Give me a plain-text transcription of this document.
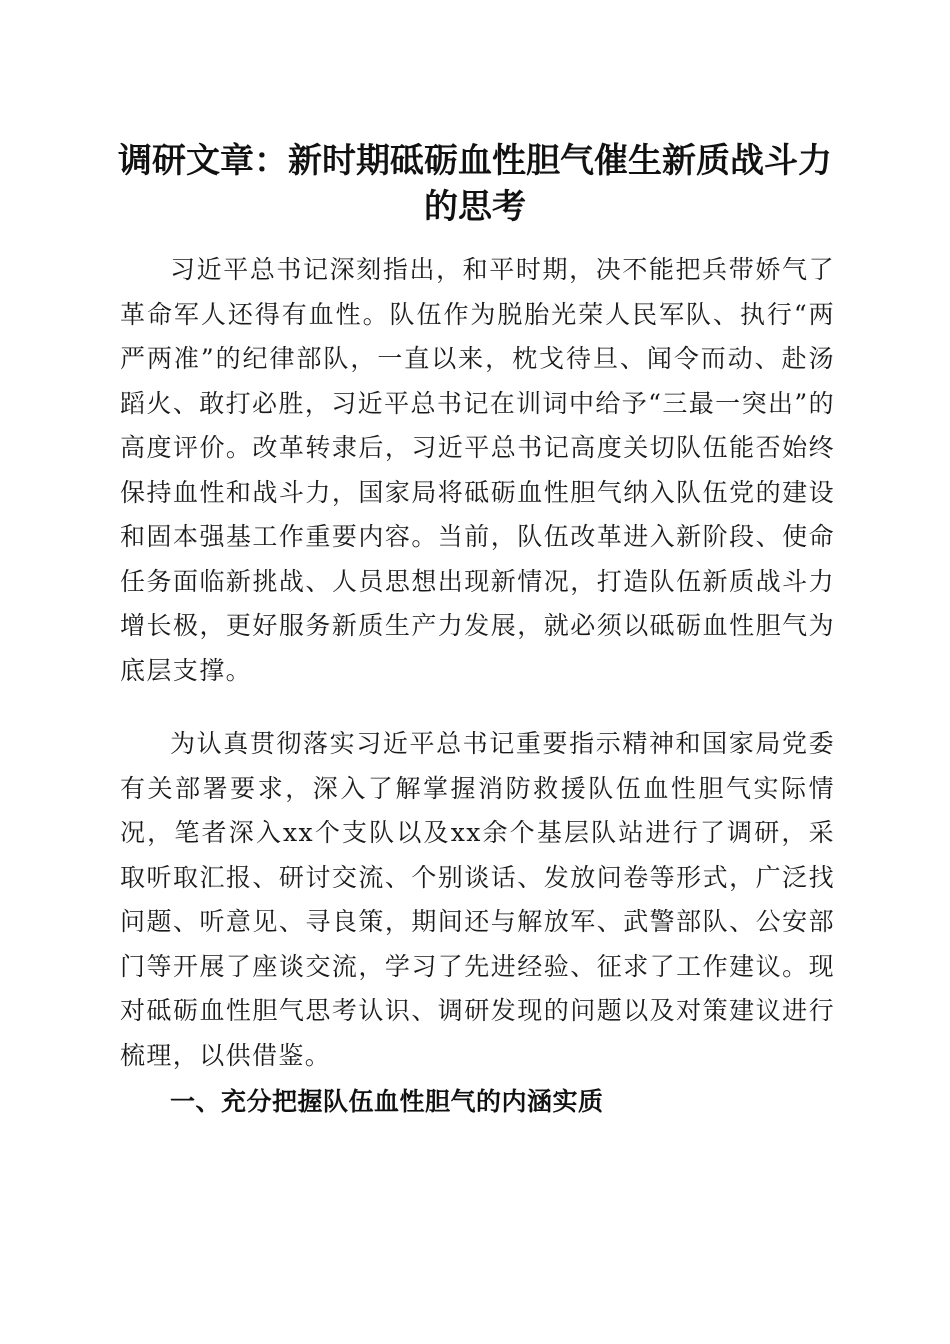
调研文章：新时期砥砺血性胆气催生新质战斗力的思考

习近平总书记深刻指出，和平时期，决不能把兵带娇气了革命军人还得有血性。队伍作为脱胎光荣人民军队、执行“两严两准”的纪律部队，一直以来，枕戈待旦、闻令而动、赴汤蹈火、敢打必胜，习近平总书记在训词中给予“三最一突出”的高度评价。改革转隶后，习近平总书记高度关切队伍能否始终保持血性和战斗力，国家局将砥砺血性胆气纳入队伍党的建设和固本强基工作重要内容。当前，队伍改革进入新阶段、使命任务面临新挑战、人员思想出现新情况，打造队伍新质战斗力增长极，更好服务新质生产力发展，就必须以砥砺血性胆气为底层支撑。

为认真贯彻落实习近平总书记重要指示精神和国家局党委有关部署要求，深入了解掌握消防救援队伍血性胆气实际情况，笔者深入xx个支队以及xx余个基层队站进行了调研，采取听取汇报、研讨交流、个别谈话、发放问卷等形式，广泛找问题、听意见、寻良策，期间还与解放军、武警部队、公安部门等开展了座谈交流，学习了先进经验、征求了工作建议。现对砥砺血性胆气思考认识、调研发现的问题以及对策建议进行梳理，以供借鉴。

一、充分把握队伍血性胆气的内涵实质
